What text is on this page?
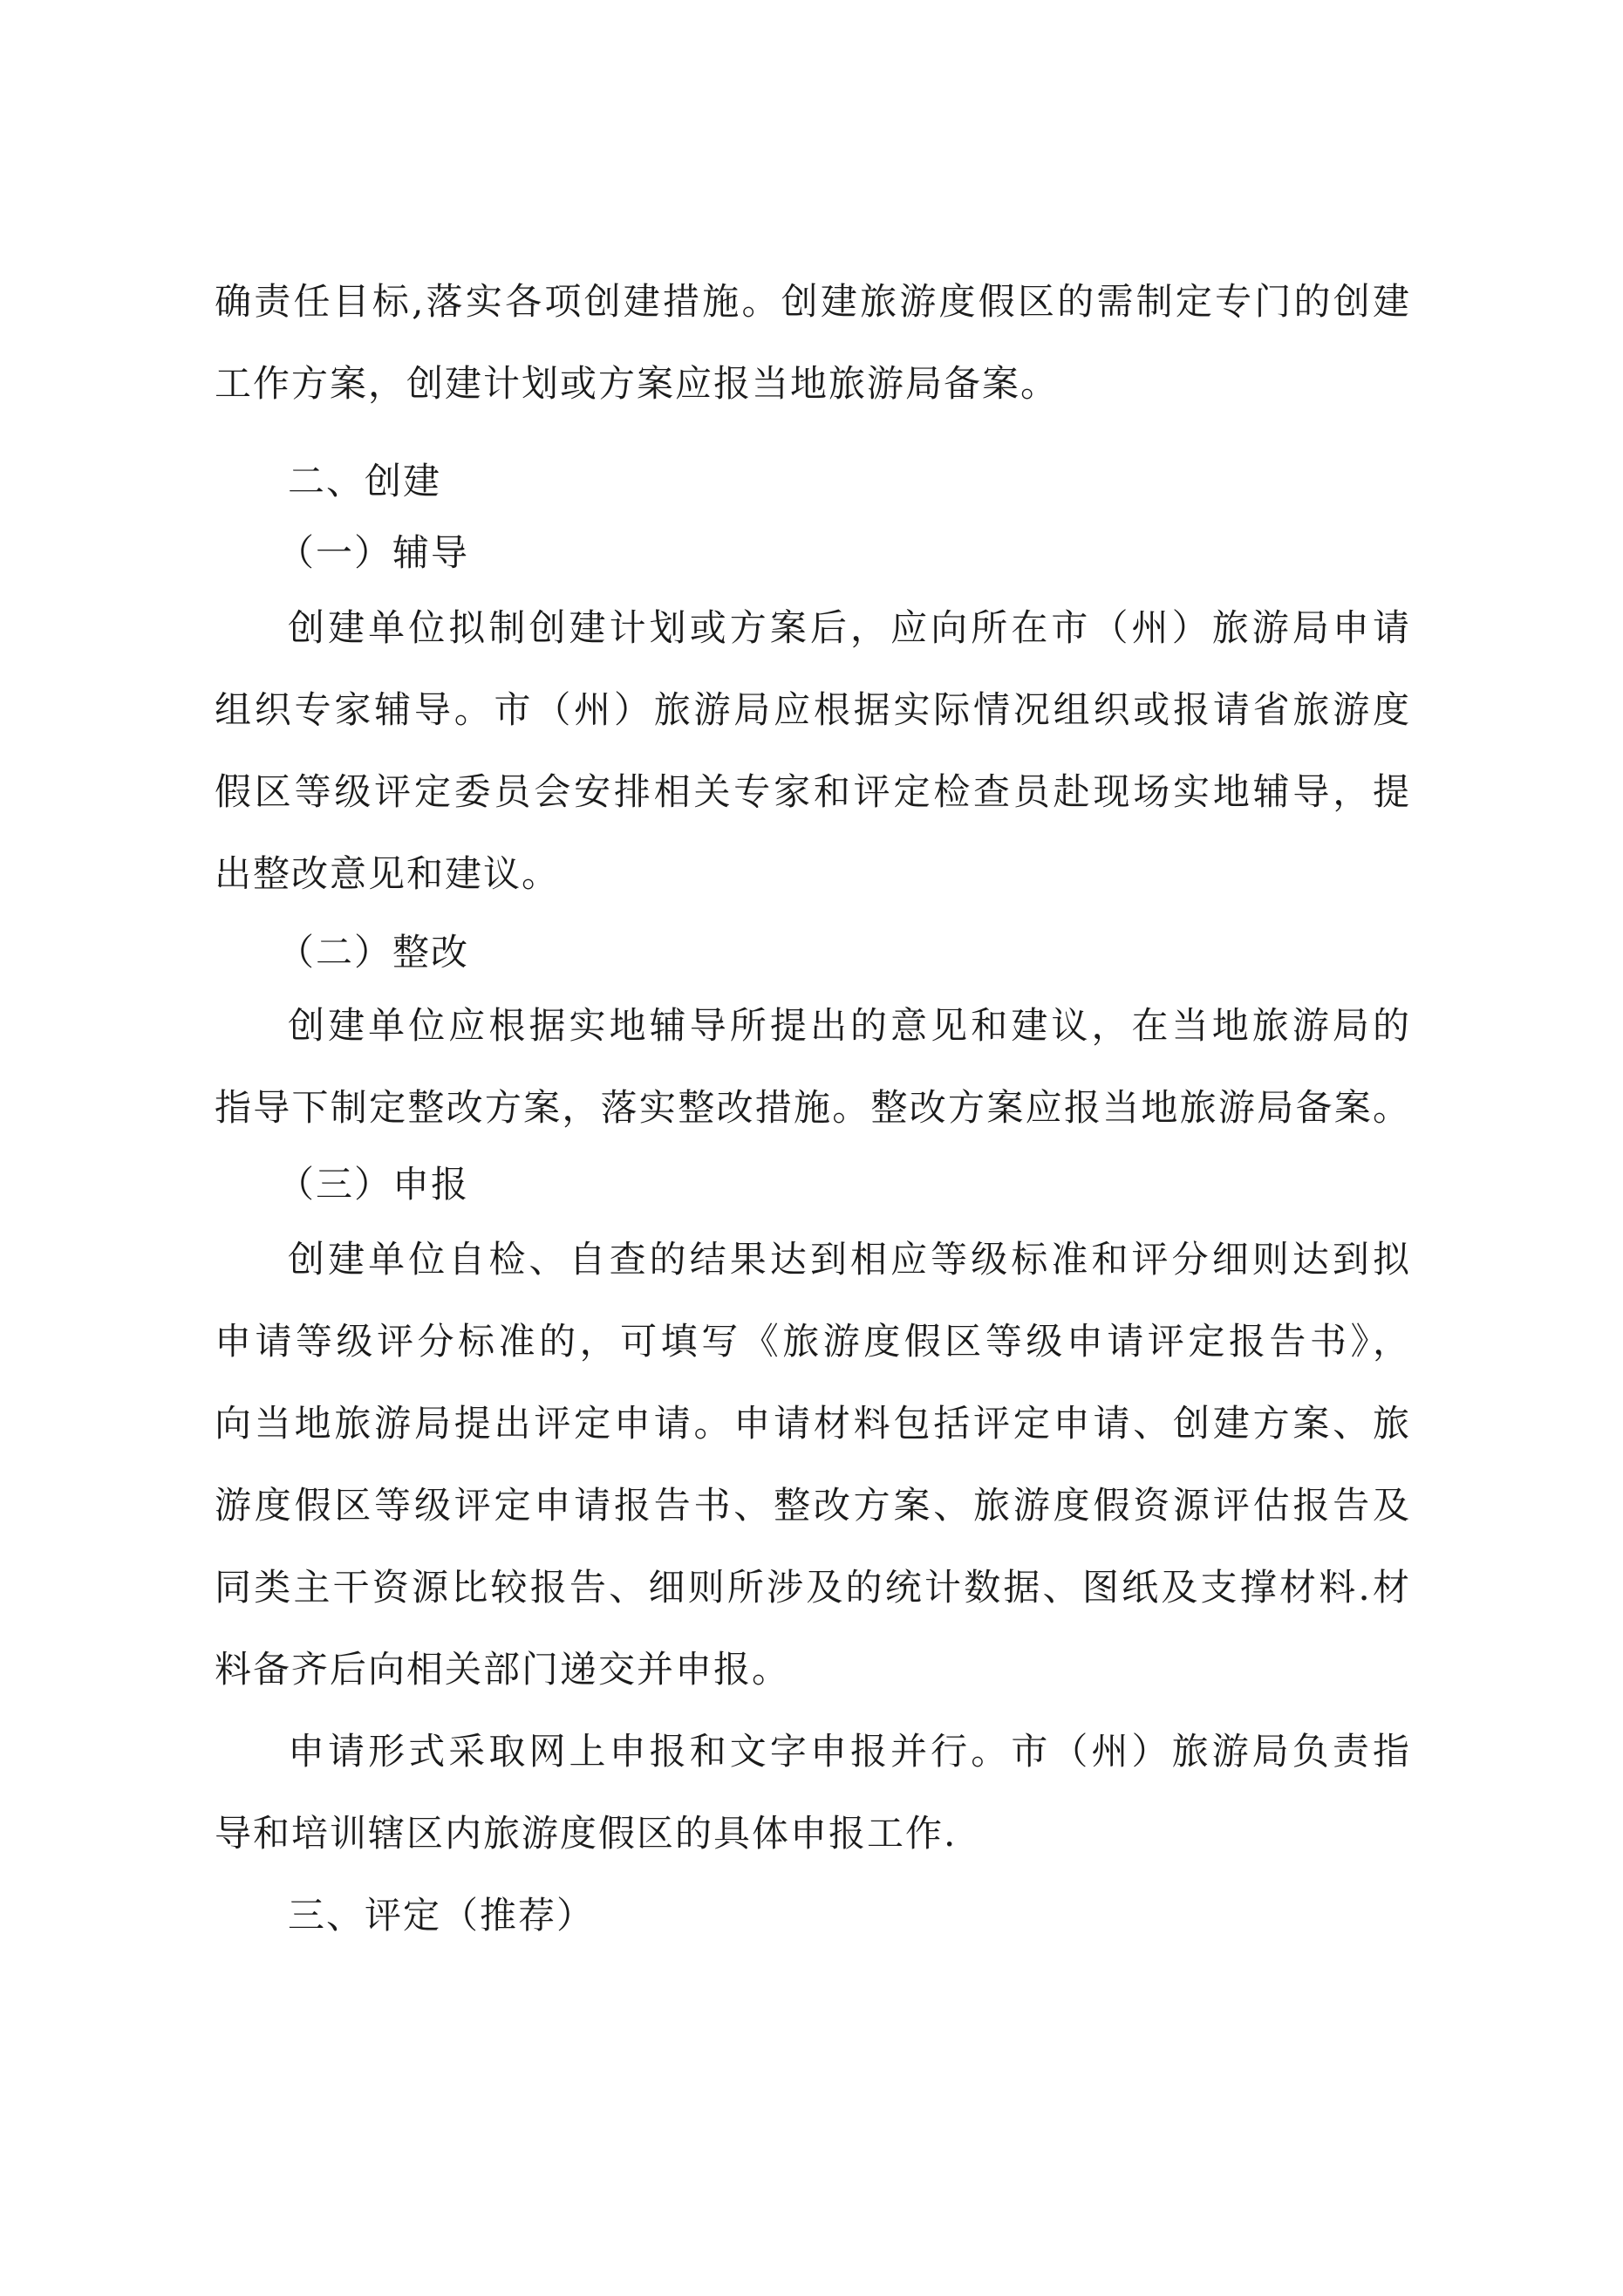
确责任目标,落实各项创建措施。创建旅游度假区的需制定专门的创建
工作方案，创建计划或方案应报当地旅游局备案。
二、创建
（一）辅导
创建单位拟制创建计划或方案后，应向所在市（州）旅游局申请
组织专家辅导。市（州）旅游局应根据实际情况组织或报请省旅游度
假区等级评定委员会安排相关专家和评定检查员赴现场实地辅导，提
出整改意见和建议。
（二）整改
创建单位应根据实地辅导所提出的意见和建议，在当地旅游局的
指导下制定整改方案，落实整改措施。整改方案应报当地旅游局备案。
（三）申报
创建单位自检、自查的结果达到相应等级标准和评分细则达到拟
申请等级评分标准的，可填写《旅游度假区等级申请评定报告书》，
向当地旅游局提出评定申请。申请材料包括评定申请、创建方案、旅
游度假区等级评定申请报告书、整改方案、旅游度假资源评估报告及
同类主干资源比较报告、细则所涉及的统计数据、图纸及支撑材料.材
料备齐后向相关部门递交并申报。
申请形式采取网上申报和文字申报并行。市（州）旅游局负责指
导和培训辖区内旅游度假区的具体申报工作.
三、评定（推荐）
